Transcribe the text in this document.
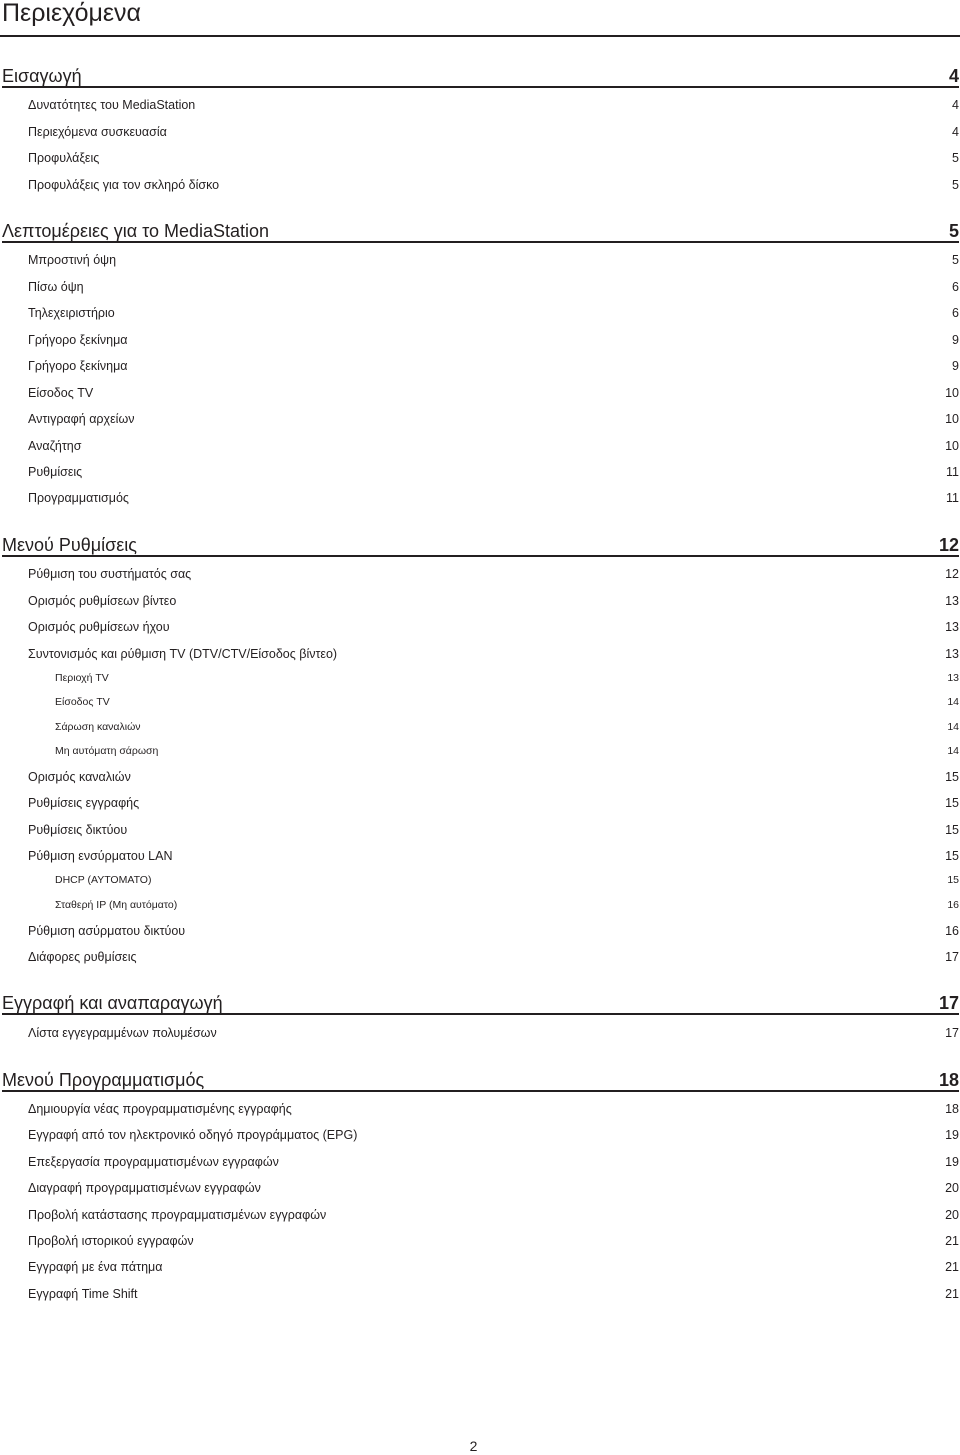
Περιεχόμενα
Εισαγωγή	4
Δυνατότητες του MediaStation	4
Περιεχόμενα συσκευασία	4
Προφυλάξεις	5
Προφυλάξεις για τον σκληρό δίσκο	5
Λεπτομέρειες για το MediaStation	5
Μπροστινή όψη	5
Πίσω όψη	6
Τηλεχειριστήριο	6
Γρήγορο ξεκίνημα	9
Γρήγορο ξεκίνημα	9
Είσοδος TV	10
Αντιγραφή αρχείων	10
Αναζήτησ	10
Ρυθμίσεις	11
Προγραμματισμός	11
Μενού Ρυθμίσεις	12
Ρύθμιση του συστήματός σας	12
Ορισμός ρυθμίσεων βίντεο	13
Ορισμός ρυθμίσεων ήχου	13
Συντονισμός και ρύθμιση TV (DTV/CTV/Είσοδος βίντεο)	13
Περιοχή TV	13
Είσοδος TV	14
Σάρωση καναλιών	14
Μη αυτόματη σάρωση	14
Ορισμός καναλιών	15
Ρυθμίσεις εγγραφής	15
Ρυθμίσεις δικτύου	15
Ρύθμιση ενσύρματου LAN	15
DHCP (ΑΥΤΟΜΑΤΟ)	15
Σταθερή IP (Μη αυτόματο)	16
Ρύθμιση ασύρματου δικτύου	16
Διάφορες ρυθμίσεις	17
Εγγραφή και αναπαραγωγή	17
Λίστα εγγεγραμμένων πολυμέσων	17
Μενού Προγραμματισμός	18
Δημιουργία νέας προγραμματισμένης εγγραφής	18
Εγγραφή από τον ηλεκτρονικό οδηγό προγράμματος (EPG)	19
Επεξεργασία προγραμματισμένων εγγραφών	19
Διαγραφή προγραμματισμένων εγγραφών	20
Προβολή κατάστασης προγραμματισμένων εγγραφών	20
Προβολή ιστορικού εγγραφών	21
Εγγραφή με ένα πάτημα	21
Εγγραφή Time Shift	21
2
